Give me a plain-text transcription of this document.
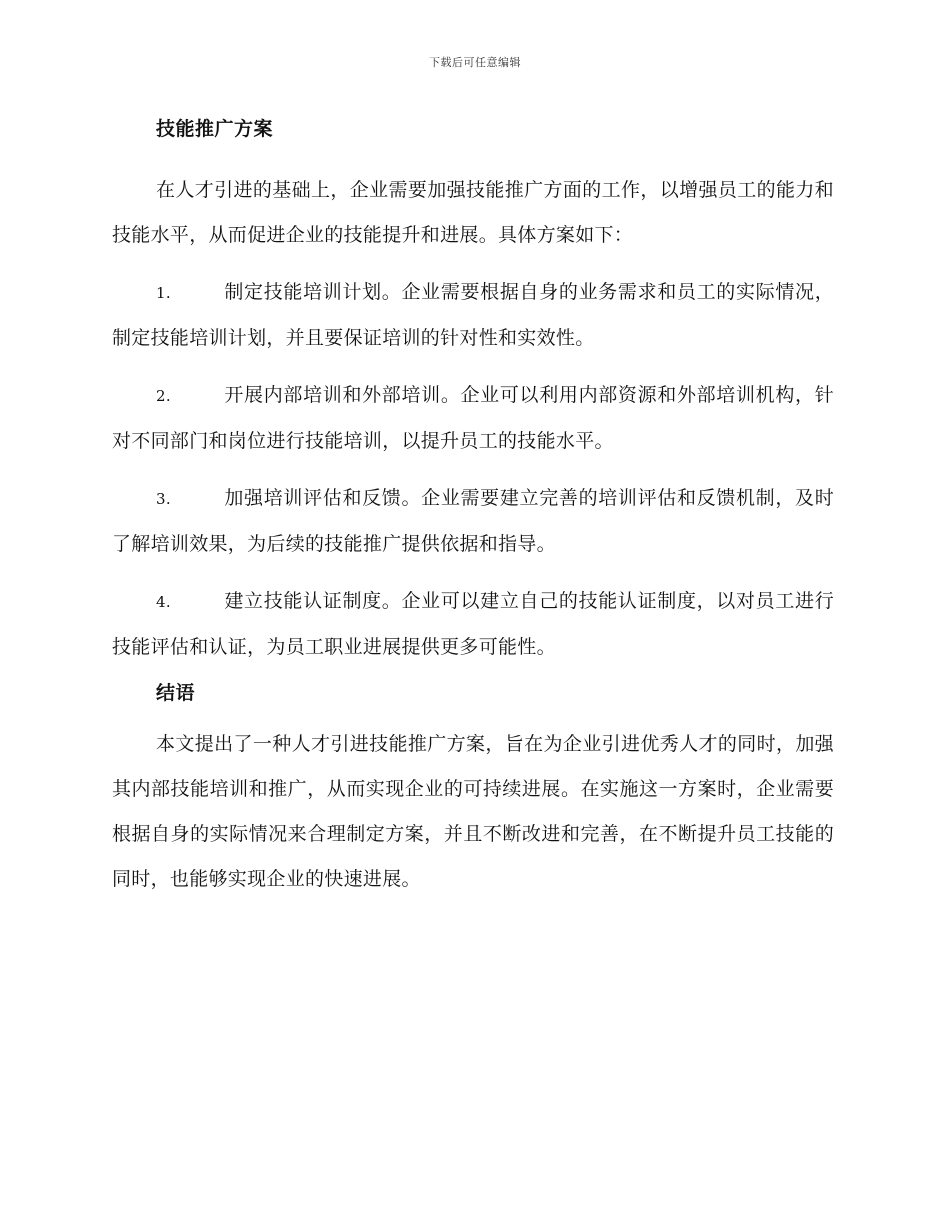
下载后可任意编辑
技能推广方案

在人才引进的基础上，企业需要加强技能推广方面的工作，以增强员工的能力和技能水平，从而促进企业的技能提升和进展。具体方案如下：

1.	制定技能培训计划。企业需要根据自身的业务需求和员工的实际情况，制定技能培训计划，并且要保证培训的针对性和实效性。

2.	开展内部培训和外部培训。企业可以利用内部资源和外部培训机构，针对不同部门和岗位进行技能培训，以提升员工的技能水平。

3.	加强培训评估和反馈。企业需要建立完善的培训评估和反馈机制，及时了解培训效果，为后续的技能推广提供依据和指导。

4.	建立技能认证制度。企业可以建立自己的技能认证制度，以对员工进行技能评估和认证，为员工职业进展提供更多可能性。

结语

本文提出了一种人才引进技能推广方案，旨在为企业引进优秀人才的同时，加强其内部技能培训和推广，从而实现企业的可持续进展。在实施这一方案时，企业需要根据自身的实际情况来合理制定方案，并且不断改进和完善，在不断提升员工技能的同时，也能够实现企业的快速进展。
